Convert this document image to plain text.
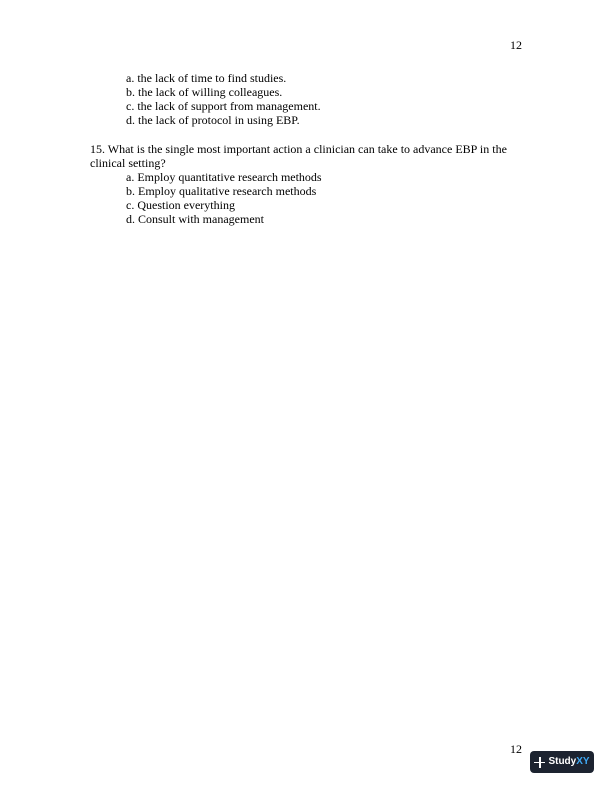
12
a. the lack of time to find studies.
b. the lack of willing colleagues.
c. the lack of support from management.
d. the lack of protocol in using EBP.

15. What is the single most important action a clinician can take to advance EBP in the clinical setting?

a. Employ quantitative research methods
b. Employ qualitative research methods
c. Question everything
d. Consult with management
12
StudyXY
